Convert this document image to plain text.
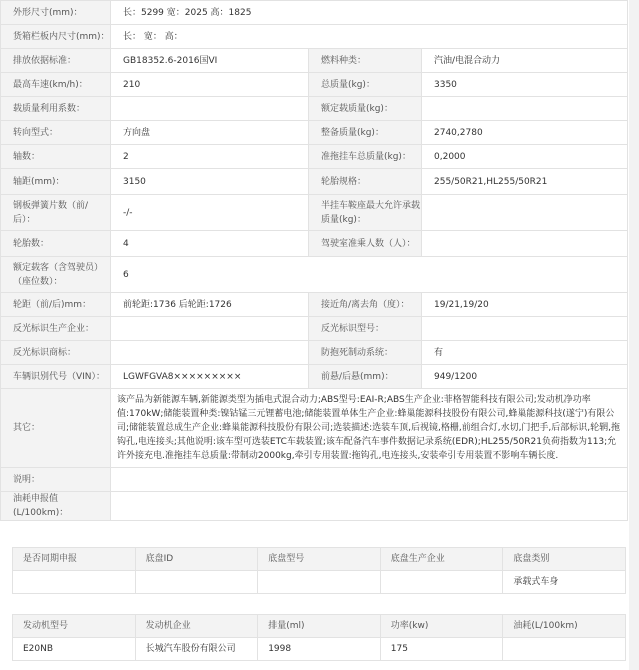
外形尺寸(mm)：	长：5299 宽：2025 高：1825		
货箱栏板内尺寸(mm)：	长： 宽： 高：		
排放依据标准：	GB18352.6-2016国VI	燃料种类：	汽油/电混合动力
最高车速(km/h)：	210	总质量(kg)：	3350
载质量利用系数：		额定载质量(kg)：	
转向型式：	方向盘	整备质量(kg)：	2740,2780
轴数：	2	准拖挂车总质量(kg)：	0,2000
轴距(mm)：	3150	轮胎规格：	255/50R21,HL255/50R21
钢板弹簧片数（前/后）：	-/-	半挂车鞍座最大允许承载质量(kg)：	
轮胎数：	4	驾驶室准乘人数（人）：	
额定载客（含驾驶员）（座位数）：	6		
轮距（前/后)mm：	前轮距:1736 后轮距:1726	接近角/离去角（度）：	19/21,19/20
反光标识生产企业：		反光标识型号：	
反光标识商标：		防抱死制动系统：	有
车辆识别代号（VIN）：	LGWFGVA8×××××××××	前悬/后悬(mm)：	949/1200
其它：	该产品为新能源车辆,新能源类型为插电式混合动力;ABS型号:EAI-R;ABS生产企业:菲格智能科技有限公司;发动机净功率值:170kW;储能装置种类:镍钴锰三元锂蓄电池;储能装置单体生产企业:蜂巢能源科技股份有限公司,蜂巢能源科技(遂宁)有限公司;储能装置总成生产企业:蜂巢能源科技股份有限公司;选装描述:选装车顶,后视镜,格栅,前组合灯,水切,门把手,后部标识,轮辋,拖钩孔,电连接头;其他说明:该车型可选装ETC车载装置;该车配备汽车事件数据记录系统(EDR);HL255/50R21负荷指数为113;允许外接充电.准拖挂车总质量:带制动2000kg,牵引专用装置:拖钩孔,电连接头,安装牵引专用装置不影响车辆长度.		
说明：			
油耗申报值(L/100km)：			
是否同期申报	底盘ID	底盘型号	底盘生产企业	底盘类别
				承载式车身
发动机型号	发动机企业	排量(ml)	功率(kw)	油耗(L/100km)
E20NB	长城汽车股份有限公司	1998	175	
